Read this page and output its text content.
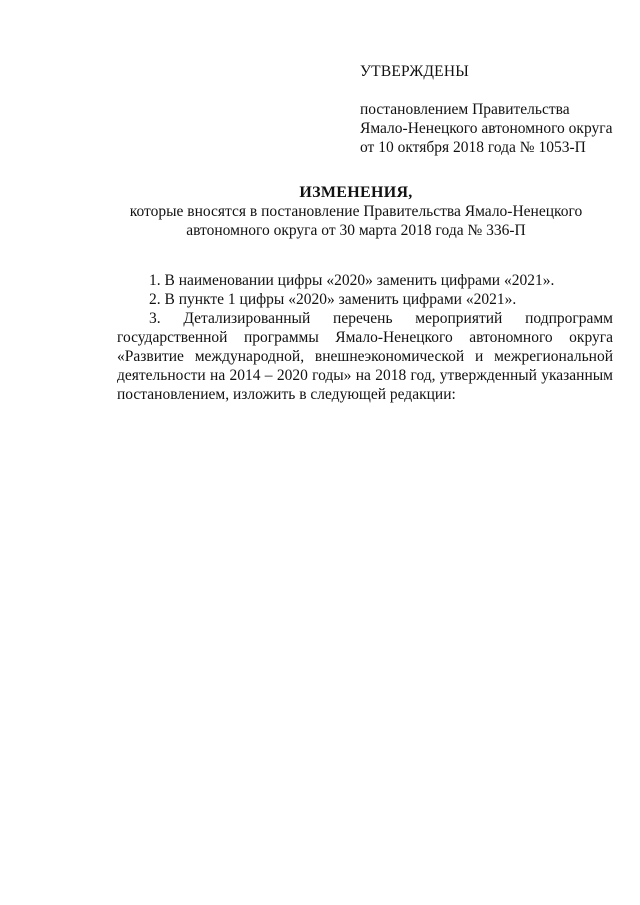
УТВЕРЖДЕНЫ
постановлением Правительства
Ямало-Ненецкого автономного округа
от 10 октября 2018 года № 1053-П
ИЗМЕНЕНИЯ,
которые вносятся в постановление Правительства Ямало-Ненецкого
автономного округа от 30 марта 2018 года № 336-П

1. В наименовании цифры «2020» заменить цифрами «2021».

2. В пункте 1 цифры «2020» заменить цифрами «2021».

3. Детализированный перечень мероприятий подпрограмм государственной программы Ямало-Ненецкого автономного округа «Развитие международной, внешнеэкономической и межрегиональной деятельности на 2014 – 2020 годы» на 2018 год, утвержденный указанным постановлением, изложить в следующей редакции:
